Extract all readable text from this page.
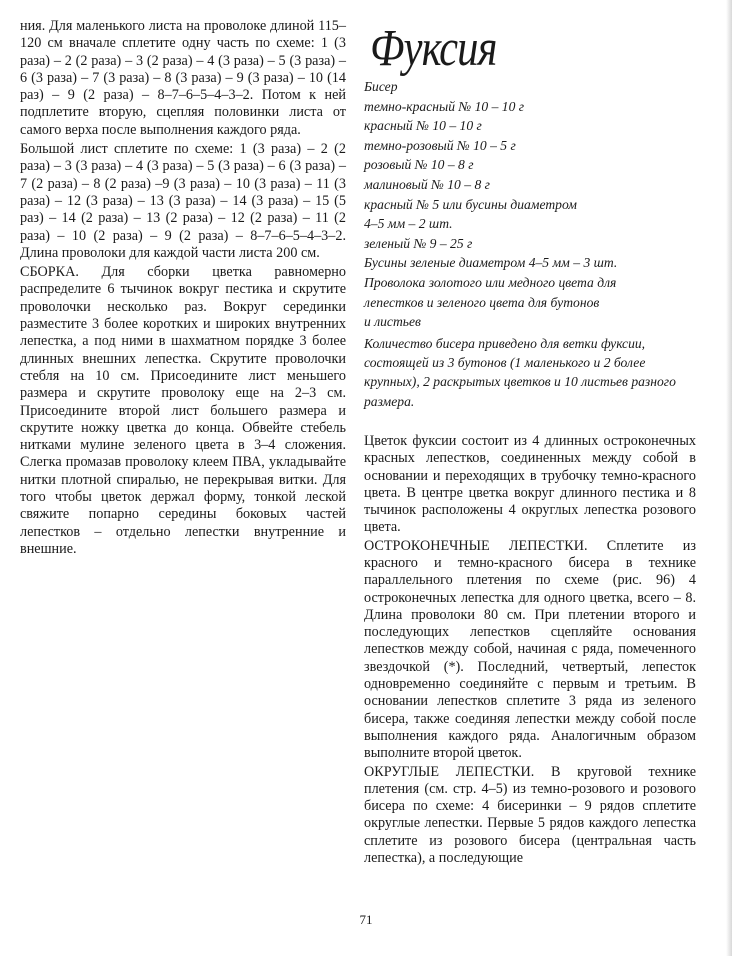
ния. Для маленького листа на проволоке длиной 115–120 см вначале сплетите одну часть по схеме: 1 (3 раза) – 2 (2 раза) – 3 (2 раза) – 4 (3 раза) – 5 (3 раза) – 6 (3 раза) – 7 (3 раза) – 8 (3 раза) – 9 (3 раза) – 10 (14 раз) – 9 (2 раза) – 8–7–6–5–4–3–2. Потом к ней подплетите вторую, сцепляя половинки листа от самого верха после выполнения каждого ряда.

Большой лист сплетите по схеме: 1 (3 раза) – 2 (2 раза) – 3 (3 раза) – 4 (3 раза) – 5 (3 раза) – 6 (3 раза) – 7 (2 раза) – 8 (2 раза) –9 (3 раза) – 10 (3 раза) – 11 (3 раза) – 12 (3 раза) – 13 (3 раза) – 14 (3 раза) – 15 (5 раз) – 14 (2 раза) – 13 (2 раза) – 12 (2 раза) – 11 (2 раза) – 10 (2 раза) – 9 (2 раза) – 8–7–6–5–4–3–2. Длина проволоки для каждой части листа 200 см.

СБОРКА. Для сборки цветка равномерно распределите 6 тычинок вокруг пестика и скрутите проволочки несколько раз. Вокруг серединки разместите 3 более коротких и широких внутренних лепестка, а под ними в шахматном порядке 3 более длинных внешних лепестка. Скрутите проволочки стебля на 10 см. Присоедините лист меньшего размера и скрутите проволоку еще на 2–3 см. Присоедините второй лист большего размера и скрутите ножку цветка до конца. Обвейте стебель нитками мулине зеленого цвета в 3–4 сложения. Слегка промазав проволоку клеем ПВА, укладывайте нитки плотной спиралью, не перекрывая витки. Для того чтобы цветок держал форму, тонкой леской свяжите попарно середины боковых частей лепестков – отдельно лепестки внутренние и внешние.

Фуксия

Бисер

темно-красный № 10 – 10 г
красный № 10 – 10 г
темно-розовый № 10 – 5 г
розовый № 10 – 8 г
малиновый № 10 – 8 г
красный № 5 или бусины диаметром
4–5 мм – 2 шт.
зеленый № 9 – 25 г
Бусины зеленые диаметром 4–5 мм – 3 шт.
Проволока золотого или медного цвета для
лепестков и зеленого цвета для бутонов
и листьев

Количество бисера приведено для ветки фуксии, состоящей из 3 бутонов (1 маленького и 2 более крупных), 2 раскрытых цветков и 10 листьев разного размера.

Цветок фуксии состоит из 4 длинных остроконечных красных лепестков, соединенных между собой в основании и переходящих в трубочку темно-красного цвета. В центре цветка вокруг длинного пестика и 8 тычинок расположены 4 округлых лепестка розового цвета.

ОСТРОКОНЕЧНЫЕ ЛЕПЕСТКИ. Сплетите из красного и темно-красного бисера в технике параллельного плетения по схеме (рис. 96) 4 остроконечных лепестка для одного цветка, всего – 8. Длина проволоки 80 см. При плетении второго и последующих лепестков сцепляйте основания лепестков между собой, начиная с ряда, помеченного звездочкой (*). Последний, четвертый, лепесток одновременно соединяйте с первым и третьим. В основании лепестков сплетите 3 ряда из зеленого бисера, также соединяя лепестки между собой после выполнения каждого ряда. Аналогичным образом выполните второй цветок.

ОКРУГЛЫЕ ЛЕПЕСТКИ. В круговой технике плетения (см. стр. 4–5) из темно-розового и розового бисера по схеме: 4 бисеринки – 9 рядов сплетите округлые лепестки. Первые 5 рядов каждого лепестка сплетите из розового бисера (центральная часть лепестка), а последующие

71
